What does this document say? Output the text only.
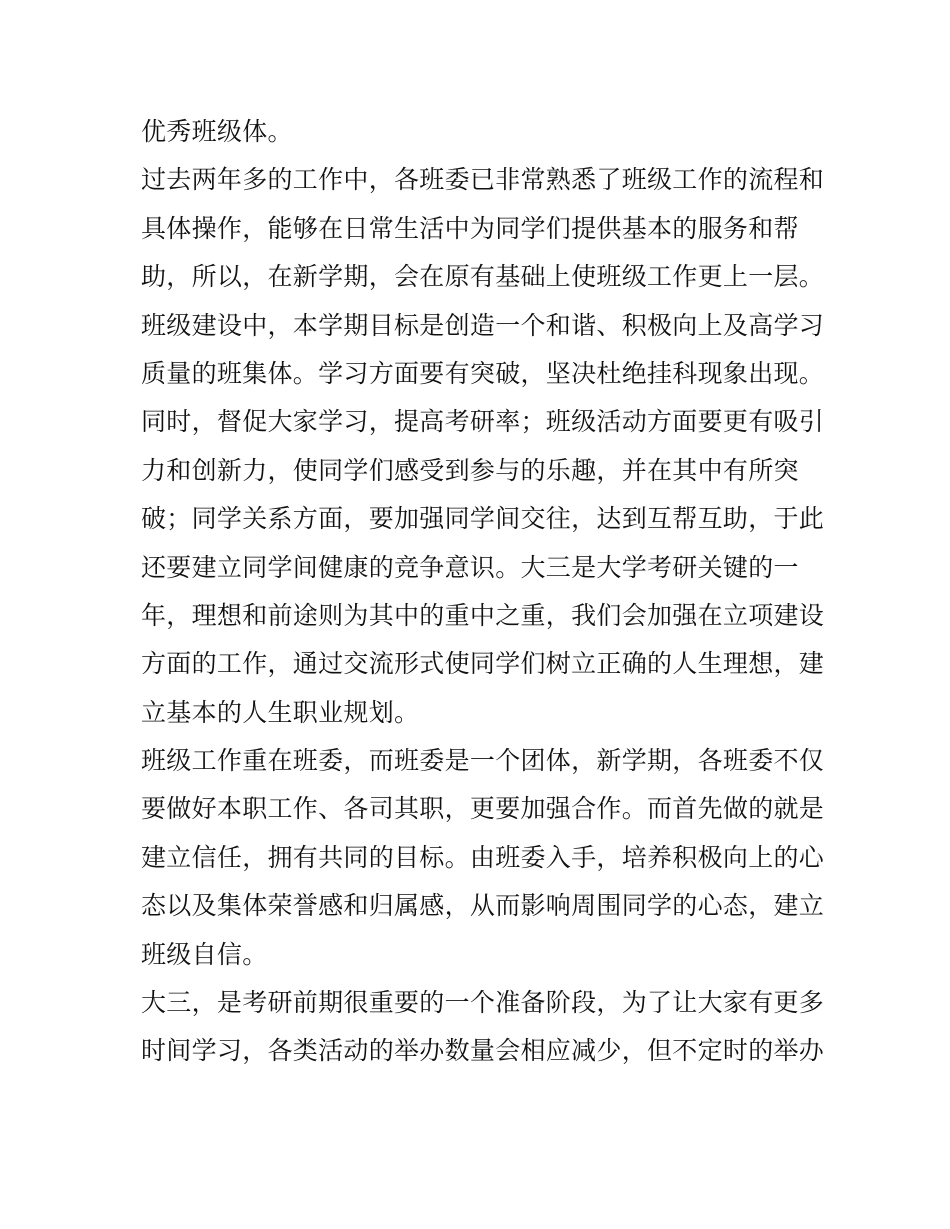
优秀班级体。
过去两年多的工作中，各班委已非常熟悉了班级工作的流程和
具体操作，能够在日常生活中为同学们提供基本的服务和帮
助，所以，在新学期，会在原有基础上使班级工作更上一层。
班级建设中，本学期目标是创造一个和谐、积极向上及高学习
质量的班集体。学习方面要有突破，坚决杜绝挂科现象出现。
同时，督促大家学习，提高考研率；班级活动方面要更有吸引
力和创新力，使同学们感受到参与的乐趣，并在其中有所突
破；同学关系方面，要加强同学间交往，达到互帮互助，于此
还要建立同学间健康的竞争意识。大三是大学考研关键的一
年，理想和前途则为其中的重中之重，我们会加强在立项建设
方面的工作，通过交流形式使同学们树立正确的人生理想，建
立基本的人生职业规划。
班级工作重在班委，而班委是一个团体，新学期，各班委不仅
要做好本职工作、各司其职，更要加强合作。而首先做的就是
建立信任，拥有共同的目标。由班委入手，培养积极向上的心
态以及集体荣誉感和归属感，从而影响周围同学的心态，建立
班级自信。
大三，是考研前期很重要的一个准备阶段，为了让大家有更多
时间学习，各类活动的举办数量会相应减少，但不定时的举办
